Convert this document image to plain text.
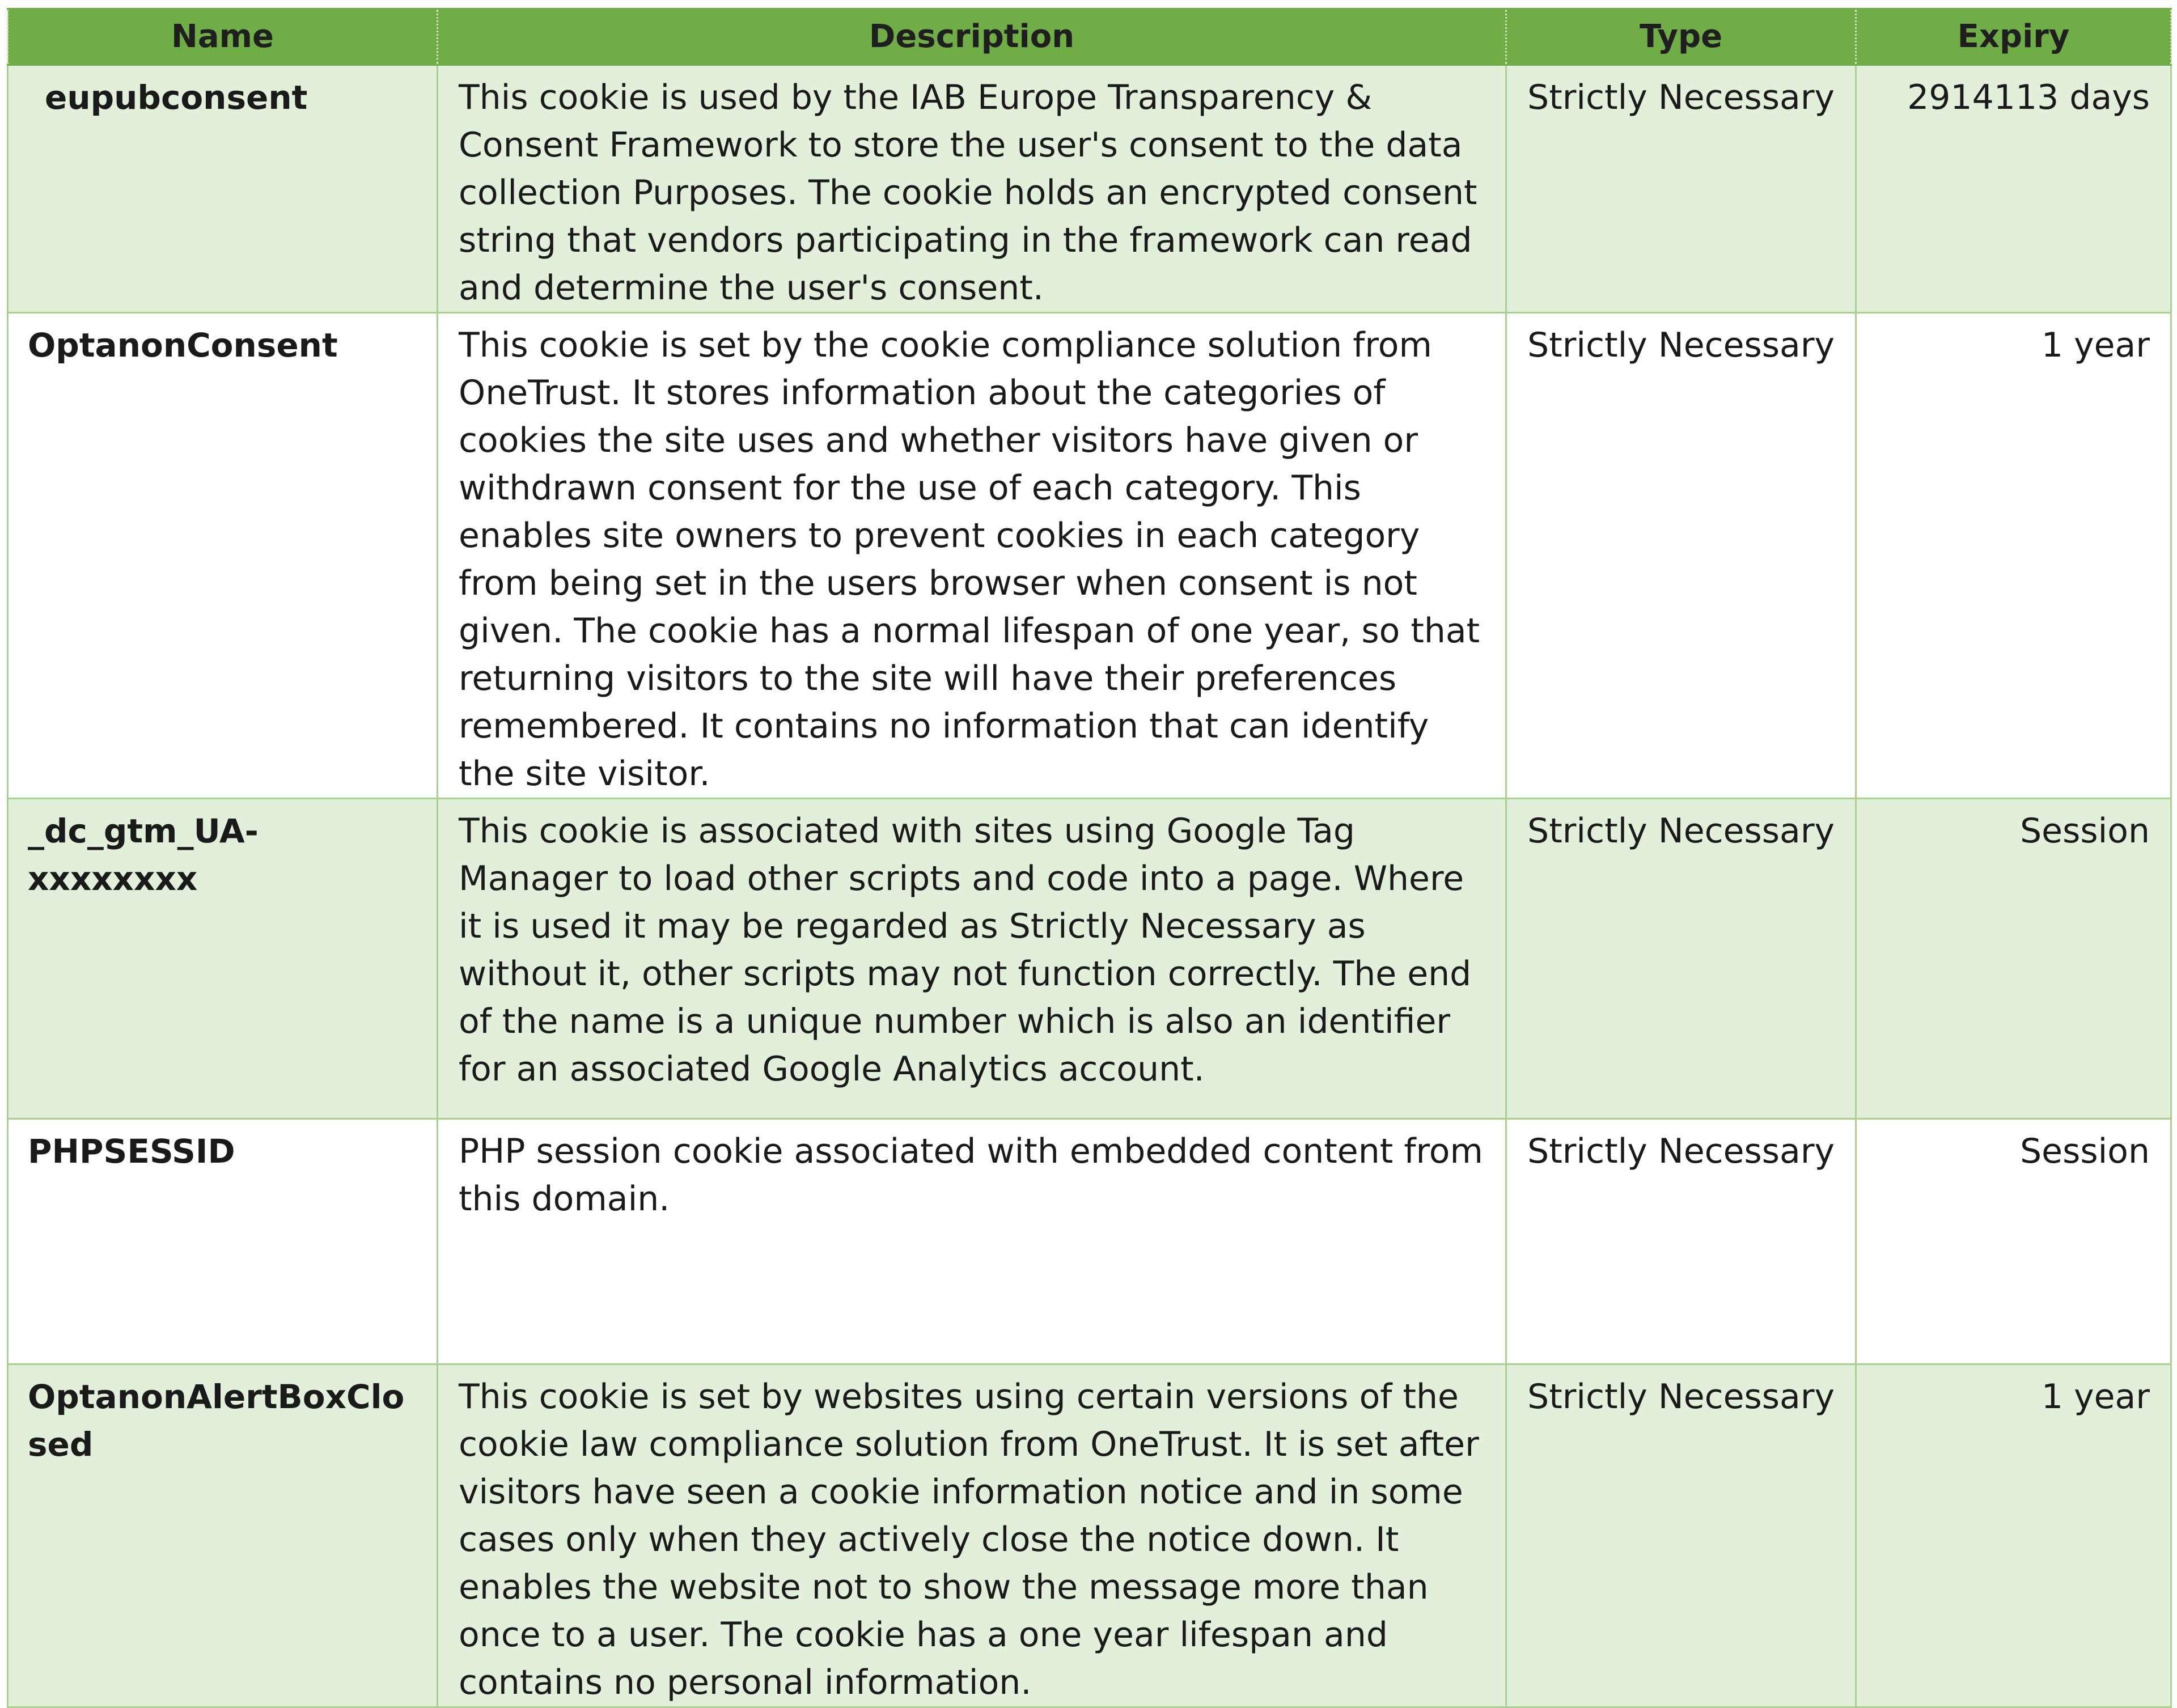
Name	Description	Type	Expiry
eupubconsent	This cookie is used by the IAB Europe Transparency & Consent Framework to store the user's consent to the data collection Purposes. The cookie holds an encrypted consent string that vendors participating in the framework can read and determine the user's consent.	Strictly Necessary	2914113 days
OptanonConsent	This cookie is set by the cookie compliance solution from OneTrust. It stores information about the categories of cookies the site uses and whether visitors have given or withdrawn consent for the use of each category. This enables site owners to prevent cookies in each category from being set in the users browser when consent is not given. The cookie has a normal lifespan of one year, so that returning visitors to the site will have their preferences remembered. It contains no information that can identify the site visitor.	Strictly Necessary	1 year
_dc_gtm_UA-xxxxxxxx	This cookie is associated with sites using Google Tag Manager to load other scripts and code into a page. Where it is used it may be regarded as Strictly Necessary as without it, other scripts may not function correctly. The end of the name is a unique number which is also an identifier for an associated Google Analytics account.	Strictly Necessary	Session
PHPSESSID	PHP session cookie associated with embedded content from this domain.	Strictly Necessary	Session
OptanonAlertBoxClosed	This cookie is set by websites using certain versions of the cookie law compliance solution from OneTrust. It is set after visitors have seen a cookie information notice and in some cases only when they actively close the notice down. It enables the website not to show the message more than once to a user. The cookie has a one year lifespan and contains no personal information.	Strictly Necessary	1 year
